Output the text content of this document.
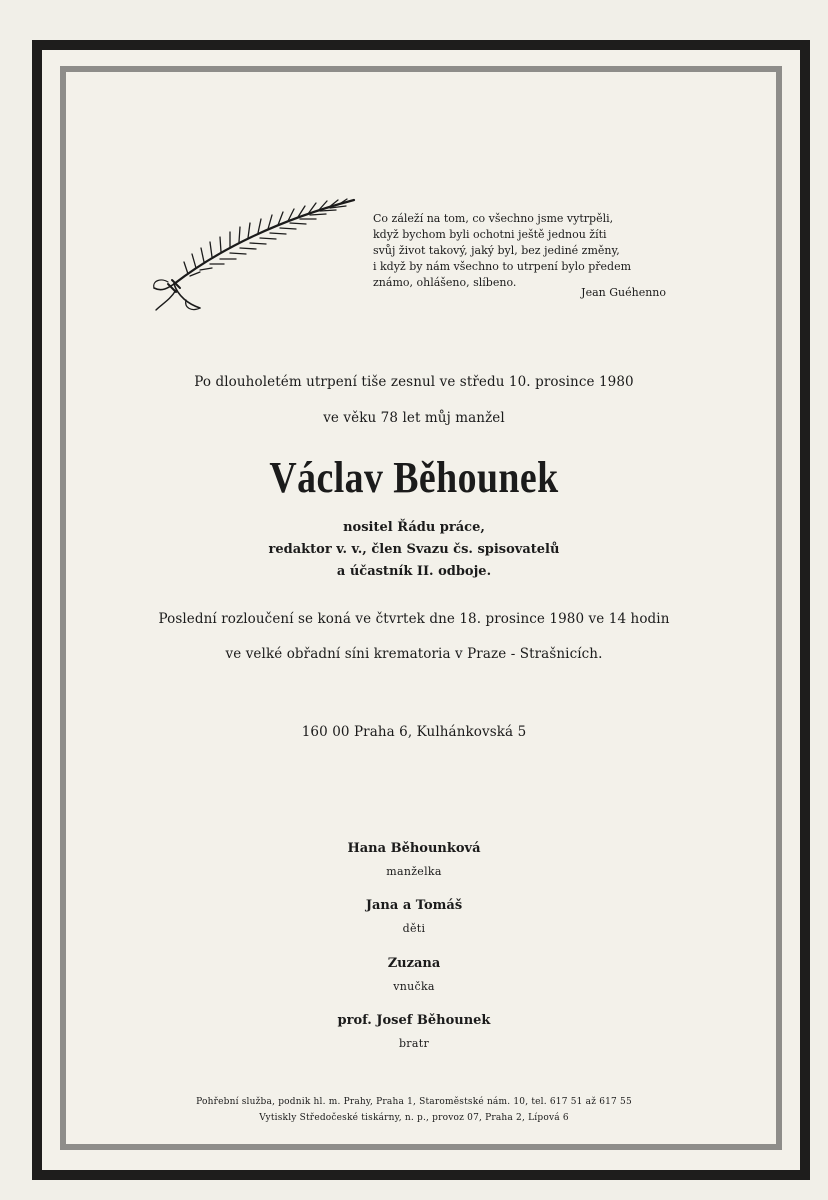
Co záleží na tom, co všechno jsme vytrpěli,
když bychom byli ochotni ještě jednou žíti
svůj život takový, jaký byl, bez jediné změny,
i když by nám všechno to utrpení bylo předem
známo, ohlášeno, slíbeno.
Jean Guéhenno
Po dlouholetém utrpení tiše zesnul ve středu 10. prosince 1980
ve věku 78 let můj manžel
Václav Běhounek
nositel Řádu práce,
redaktor v. v., člen Svazu čs. spisovatelů
a účastník II. odboje.
Poslední rozloučení se koná ve čtvrtek dne 18. prosince 1980 ve 14 hodin
ve velké obřadní síni krematoria v Praze - Strašnicích.
160 00 Praha 6, Kulhánkovská 5
Hana Běhounková
manželka
Jana a Tomáš
děti
Zuzana
vnučka
prof. Josef Běhounek
bratr
Pohřební služba, podnik hl. m. Prahy, Praha 1, Staroměstské nám. 10, tel. 617 51 až 617 55
Vytiskly Středočeské tiskárny, n. p., provoz 07, Praha 2, Lípová 6
